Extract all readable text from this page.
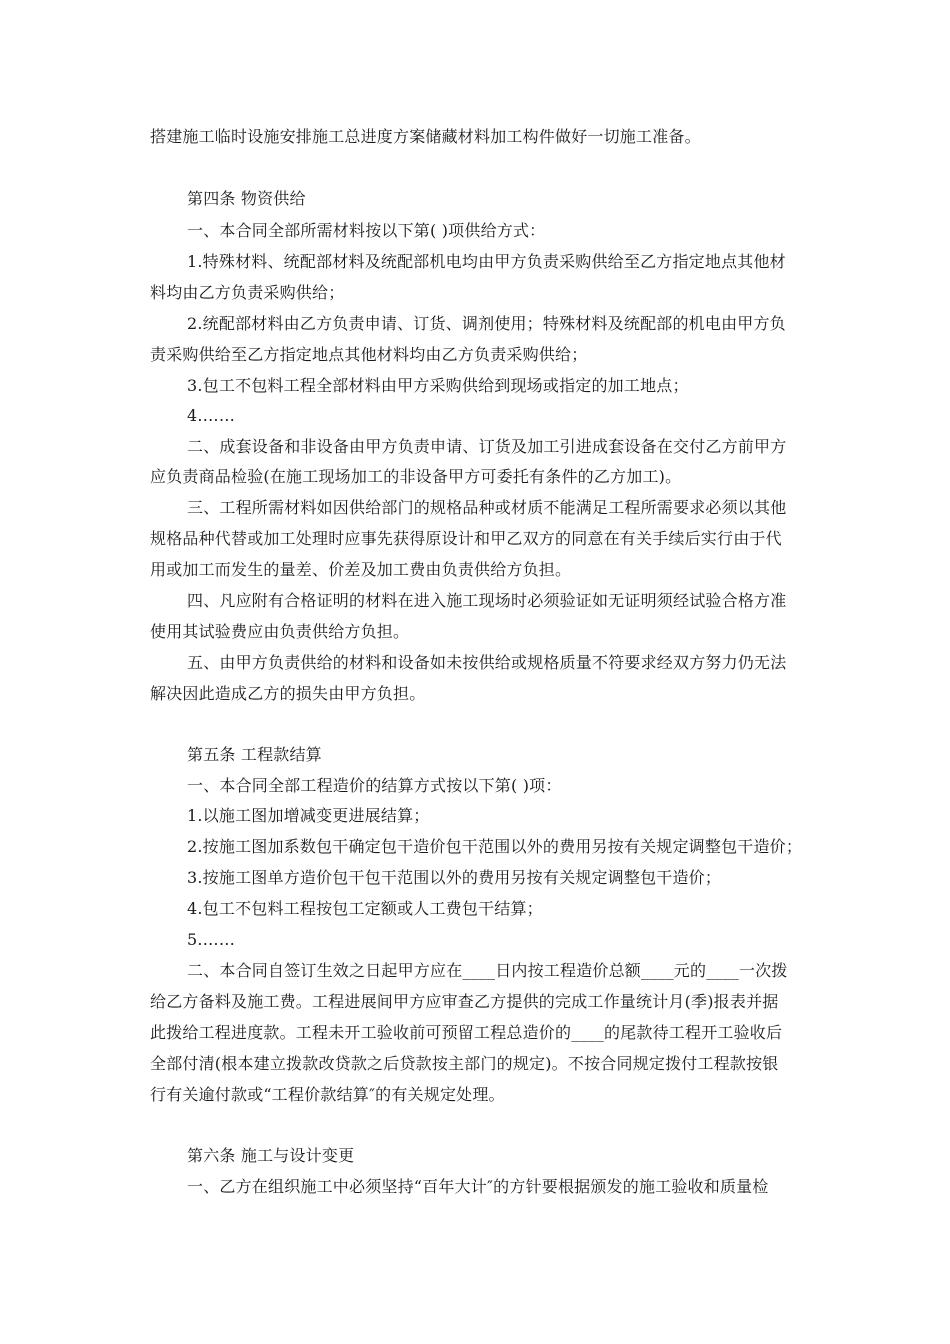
搭建施工临时设施安排施工总进度方案储藏材料加工构件做好一切施工准备。
第四条 物资供给
一、本合同全部所需材料按以下第( )项供给方式：
1.特殊材料、统配部材料及统配部机电均由甲方负责采购供给至乙方指定地点其他材
料均由乙方负责采购供给；
2.统配部材料由乙方负责申请、订货、调剂使用；特殊材料及统配部的机电由甲方负
责采购供给至乙方指定地点其他材料均由乙方负责采购供给；
3.包工不包料工程全部材料由甲方采购供给到现场或指定的加工地点；
4.……
二、成套设备和非设备由甲方负责申请、订货及加工引进成套设备在交付乙方前甲方
应负责商品检验(在施工现场加工的非设备甲方可委托有条件的乙方加工)。
三、工程所需材料如因供给部门的规格品种或材质不能满足工程所需要求必须以其他
规格品种代替或加工处理时应事先获得原设计和甲乙双方的同意在有关手续后实行由于代
用或加工而发生的量差、价差及加工费由负责供给方负担。
四、凡应附有合格证明的材料在进入施工现场时必须验证如无证明须经试验合格方准
使用其试验费应由负责供给方负担。
五、由甲方负责供给的材料和设备如未按供给或规格质量不符要求经双方努力仍无法
解决因此造成乙方的损失由甲方负担。
第五条 工程款结算
一、本合同全部工程造价的结算方式按以下第( )项：
1.以施工图加增减变更进展结算；
2.按施工图加系数包干确定包干造价包干范围以外的费用另按有关规定调整包干造价；
3.按施工图单方造价包干包干范围以外的费用另按有关规定调整包干造价；
4.包工不包料工程按包工定额或人工费包干结算；
5.……
二、本合同自签订生效之日起甲方应在____日内按工程造价总额____元的____一次拨
给乙方备料及施工费。工程进展间甲方应审查乙方提供的完成工作量统计月(季)报表并据
此拨给工程进度款。工程未开工验收前可预留工程总造价的____的尾款待工程开工验收后
全部付清(根本建立拨款改贷款之后贷款按主部门的规定)。不按合同规定拨付工程款按银
行有关逾付款或“工程价款结算″的有关规定处理。
第六条 施工与设计变更
一、乙方在组织施工中必须坚持“百年大计″的方针要根据颁发的施工验收和质量检
